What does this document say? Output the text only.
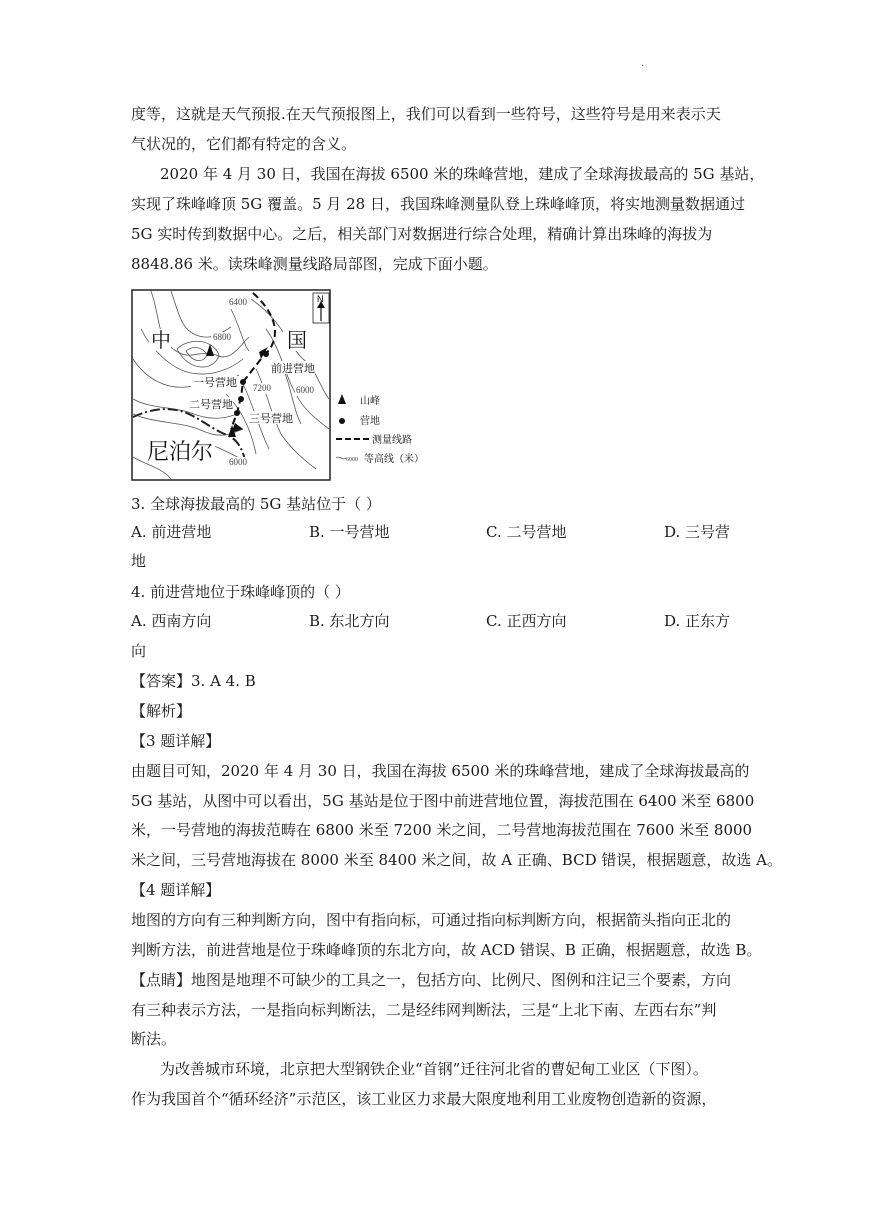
.
度等，这就是天气预报.在天气预报图上，我们可以看到一些符号，这些符号是用来表示天
气状况的，它们都有特定的含义。
2020 年 4 月 30 日，我国在海拔 6500 米的珠峰营地，建成了全球海拔最高的 5G 基站，
实现了珠峰峰顶 5G 覆盖。5 月 28 日，我国珠峰测量队登上珠峰峰顶，将实地测量数据通过
5G 实时传到数据中心。之后，相关部门对数据进行综合处理，精确计算出珠峰的海拔为
8848.86 米。读珠峰测量线路局部图，完成下面小题。
N
中	国
尼泊尔
6400
6800
7200	6000
6000
前进营地
一号营地
二号营地
三号营地
山峰
营地
测量线路
6000 等高线（米）
3. 全球海拔最高的 5G 基站位于（ ）
A. 前进营地	B. 一号营地	C. 二号营地	D. 三号营
地
4. 前进营地位于珠峰峰顶的（ ）
A. 西南方向	B. 东北方向	C. 正西方向	D. 正东方
向
【答案】3. A 4. B
【解析】
【3 题详解】
由题目可知，2020 年 4 月 30 日，我国在海拔 6500 米的珠峰营地，建成了全球海拔最高的
5G 基站，从图中可以看出，5G 基站是位于图中前进营地位置，海拔范围在 6400 米至 6800
米，一号营地的海拔范畴在 6800 米至 7200 米之间，二号营地海拔范围在 7600 米至 8000
米之间，三号营地海拔在 8000 米至 8400 米之间，故 A 正确、BCD 错误，根据题意，故选 A。
【4 题详解】
地图的方向有三种判断方向，图中有指向标，可通过指向标判断方向，根据箭头指向正北的
判断方法，前进营地是位于珠峰峰顶的东北方向，故 ACD 错误、B 正确，根据题意，故选 B。
【点睛】地图是地理不可缺少的工具之一，包括方向、比例尺、图例和注记三个要素，方向
有三种表示方法，一是指向标判断法，二是经纬网判断法，三是“上北下南、左西右东”判
断法。
为改善城市环境，北京把大型钢铁企业“首钢”迁往河北省的曹妃甸工业区（下图）。
作为我国首个“循环经济”示范区，该工业区力求最大限度地利用工业废物创造新的资源，
